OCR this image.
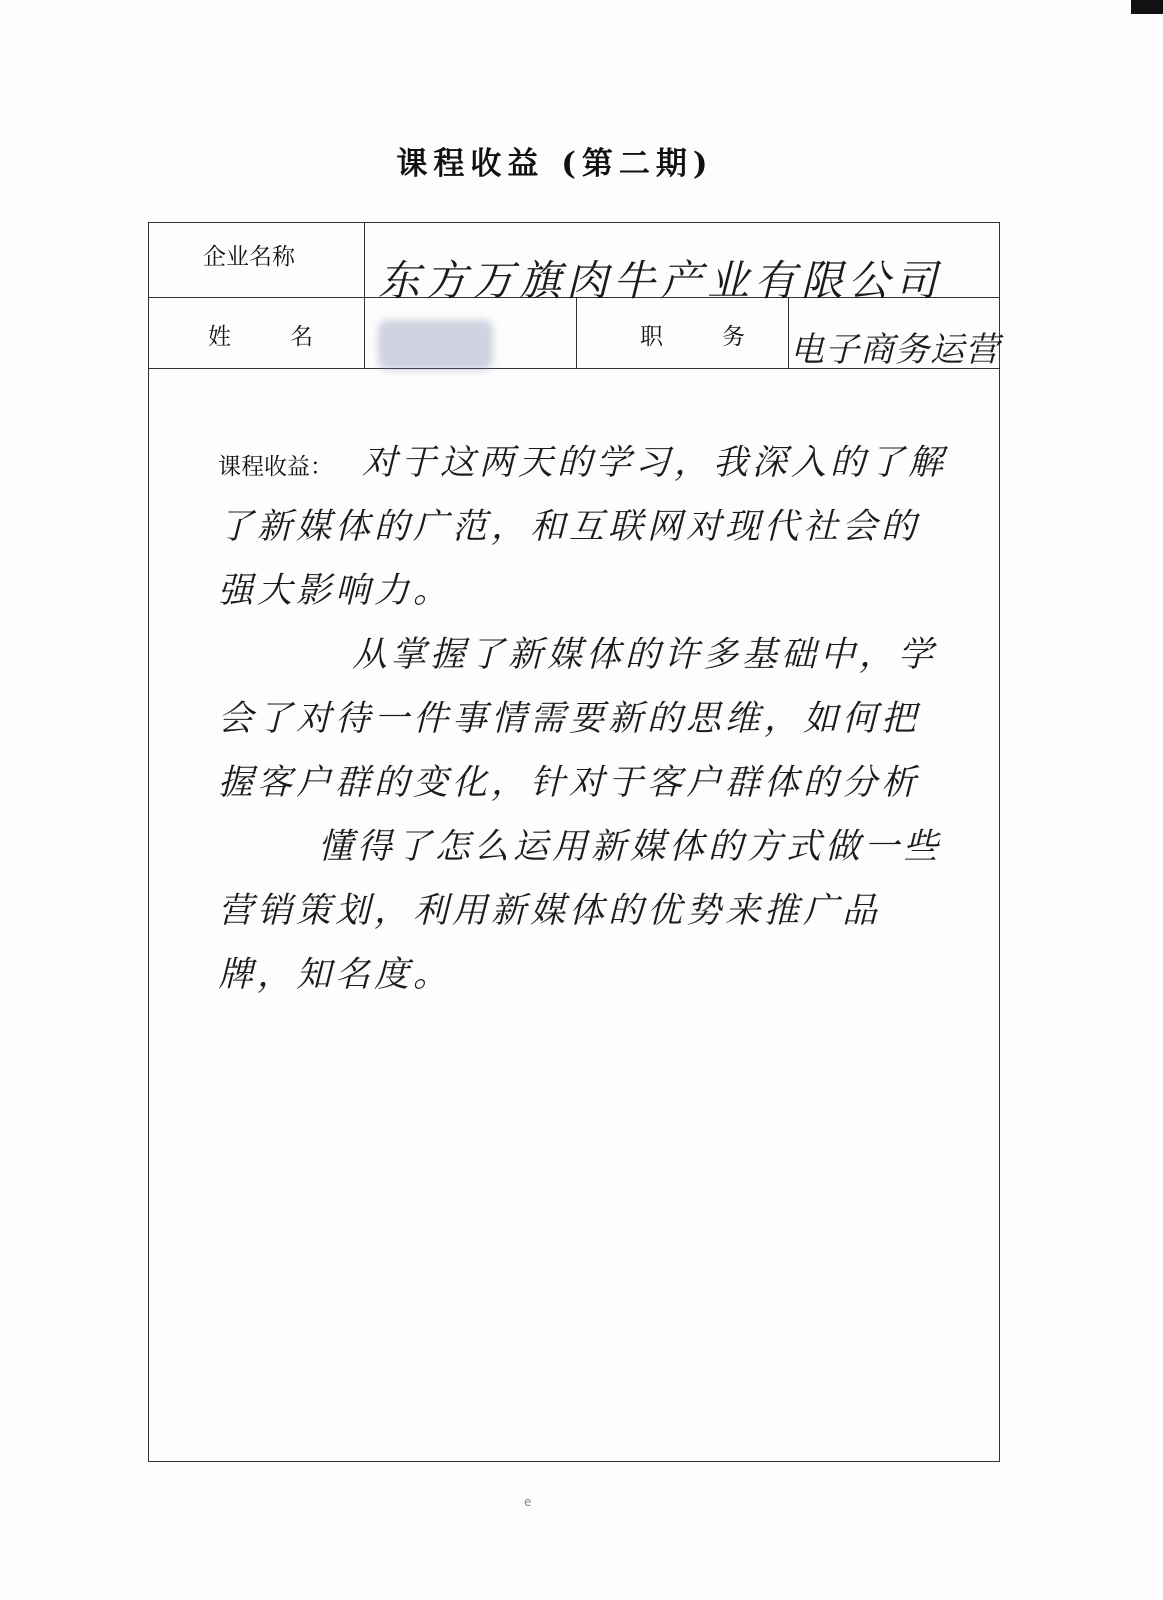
课程收益 (第二期)
企业名称 东方万旗肉牛产业有限公司
姓　名	职　务 电子商务运营
课程收益： 对于这两天的学习，我深入的了解
了新媒体的广范，和互联网对现代社会的
强大影响力。
从掌握了新媒体的许多基础中，学
会了对待一件事情需要新的思维，如何把
握客户群的变化，针对于客户群体的分析
懂得了怎么运用新媒体的方式做一些
营销策划，利用新媒体的优势来推广品
牌，知名度。
e
